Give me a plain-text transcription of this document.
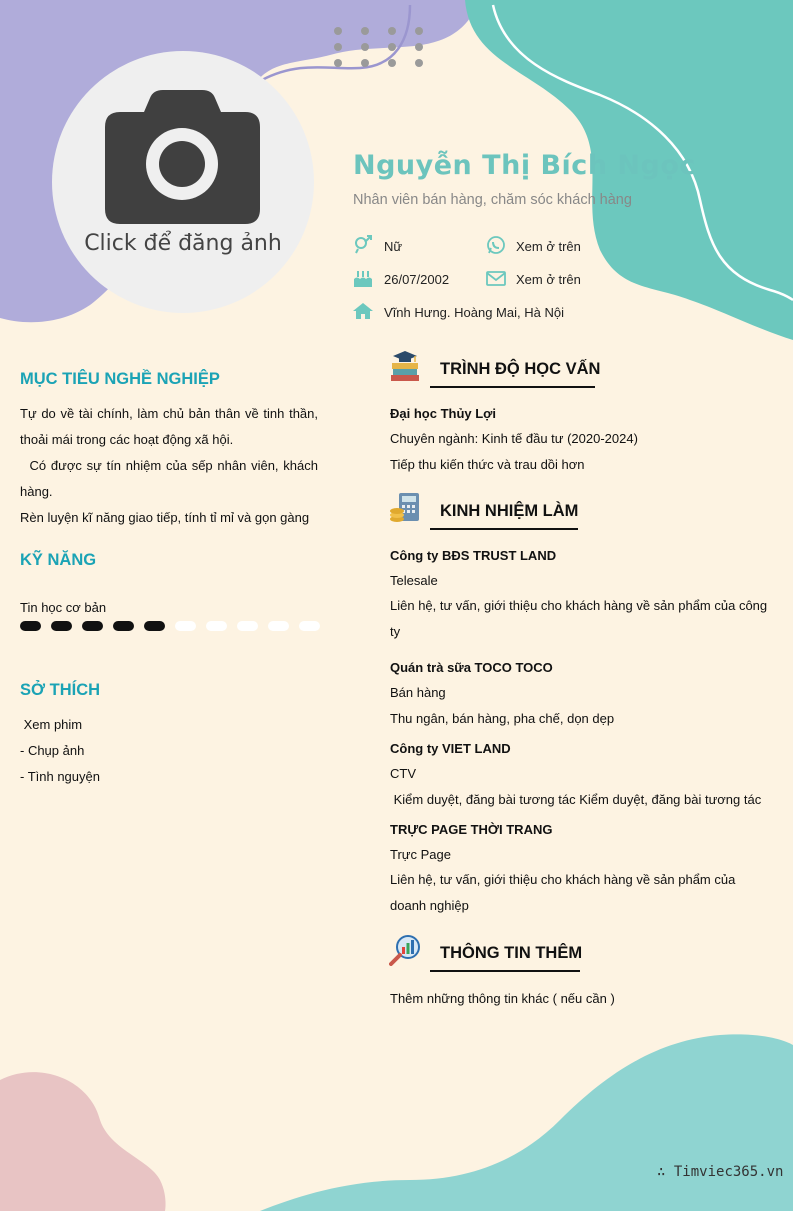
Click để đăng ảnh
Nguyễn Thị Bích Ngọc
Nhân viên bán hàng, chăm sóc khách hàng
Nữ	Xem ở trên
26/07/2002	Xem ở trên
Vĩnh Hưng. Hoàng Mai, Hà Nội
MỤC TIÊU NGHỀ NGHIỆP

Tự do về tài chính, làm chủ bản thân về tinh thần, thoải mái trong các hoạt động xã hội.

Có được sự tín nhiệm của sếp nhân viên, khách hàng.

Rèn luyện kĩ năng giao tiếp, tính tỉ mỉ và gọn gàng

KỸ NĂNG
Tin học cơ bản
SỞ THÍCH
Xem phim
- Chụp ảnh
- Tình nguyện
TRÌNH ĐỘ HỌC VẤN
Đại học Thủy Lợi
Chuyên ngành: Kinh tế đầu tư (2020-2024)
Tiếp thu kiến thức và trau dồi hơn
KINH NHIỆM LÀM
Công ty BĐS TRUST LAND
Telesale
Liên hệ, tư vấn, giới thiệu cho khách hàng về sản phẩm của công ty
Quán trà sữa TOCO TOCO
Bán hàng
Thu ngân, bán hàng, pha chế, dọn dẹp
Công ty VIET LAND
CTV
Kiểm duyệt, đăng bài tương tác Kiểm duyệt, đăng bài tương tác
TRỰC PAGE THỜI TRANG
Trực Page
Liên hệ, tư vấn, giới thiệu cho khách hàng về sản phẩm của doanh nghiệp
THÔNG TIN THÊM
Thêm những thông tin khác ( nếu cần )
∴ Timviec365.vn
